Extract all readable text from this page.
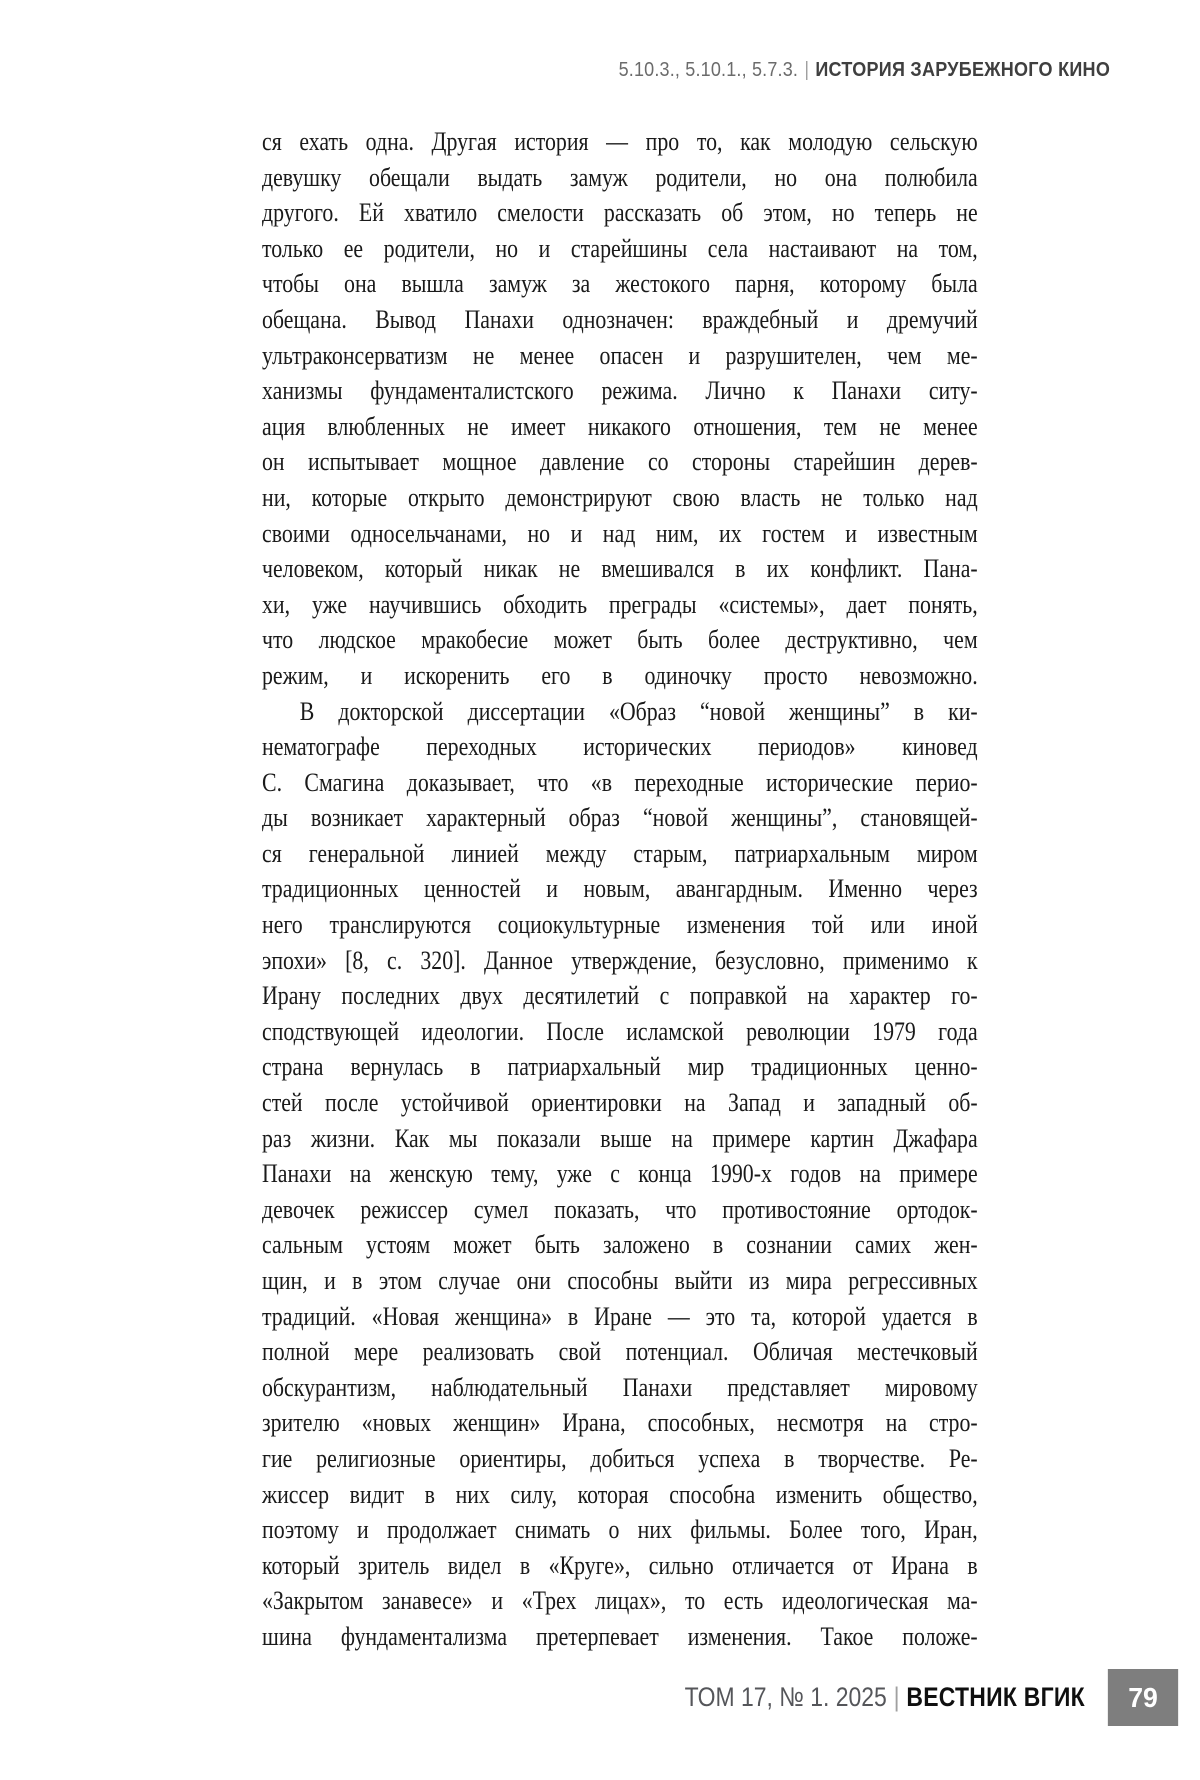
5.10.3., 5.10.1., 5.7.3. | ИСТОРИЯ ЗАРУБЕЖНОГО КИНО
ся ехать одна. Другая история — про то, как молодую сельскую
девушку обещали выдать замуж родители, но она полюбила
другого. Ей хватило смелости рассказать об этом, но теперь не
только ее родители, но и старейшины села настаивают на том,
чтобы она вышла замуж за жестокого парня, которому была
обещана. Вывод Панахи однозначен: враждебный и дремучий
ультраконсерватизм не менее опасен и разрушителен, чем ме-
ханизмы фундаменталистского режима. Лично к Панахи ситу-
ация влюбленных не имеет никакого отношения, тем не менее
он испытывает мощное давление со стороны старейшин дерев-
ни, которые открыто демонстрируют свою власть не только над
своими односельчанами, но и над ним, их гостем и известным
человеком, который никак не вмешивался в их конфликт. Пана-
хи, уже научившись обходить преграды «системы», дает понять,
что людское мракобесие может быть более деструктивно, чем
режим, и искоренить его в одиночку просто невозможно.
В докторской диссертации «Образ “новой женщины” в ки-
нематографе переходных исторических периодов» киновед
С. Смагина доказывает, что «в переходные исторические перио-
ды возникает характерный образ “новой женщины”, становящей-
ся генеральной линией между старым, патриархальным миром
традиционных ценностей и новым, авангардным. Именно через
него транслируются социокультурные изменения той или иной
эпохи» [8, с. 320]. Данное утверждение, безусловно, применимо к
Ирану последних двух десятилетий с поправкой на характер го-
сподствующей идеологии. После исламской революции 1979 года
страна вернулась в патриархальный мир традиционных ценно-
стей после устойчивой ориентировки на Запад и западный об-
раз жизни. Как мы показали выше на примере картин Джафара
Панахи на женскую тему, уже с конца 1990-х годов на примере
девочек режиссер сумел показать, что противостояние ортодок-
сальным устоям может быть заложено в сознании самих жен-
щин, и в этом случае они способны выйти из мира регрессивных
традиций. «Новая женщина» в Иране — это та, которой удается в
полной мере реализовать свой потенциал. Обличая местечковый
обскурантизм, наблюдательный Панахи представляет мировому
зрителю «новых женщин» Ирана, способных, несмотря на стро-
гие религиозные ориентиры, добиться успеха в творчестве. Ре-
жиссер видит в них силу, которая способна изменить общество,
поэтому и продолжает снимать о них фильмы. Более того, Иран,
который зритель видел в «Круге», сильно отличается от Ирана в
«Закрытом занавесе» и «Трех лицах», то есть идеологическая ма-
шина фундаментализма претерпевает изменения. Такое положе-
ТОМ 17, № 1. 2025 | ВЕСТНИК ВГИК	79
